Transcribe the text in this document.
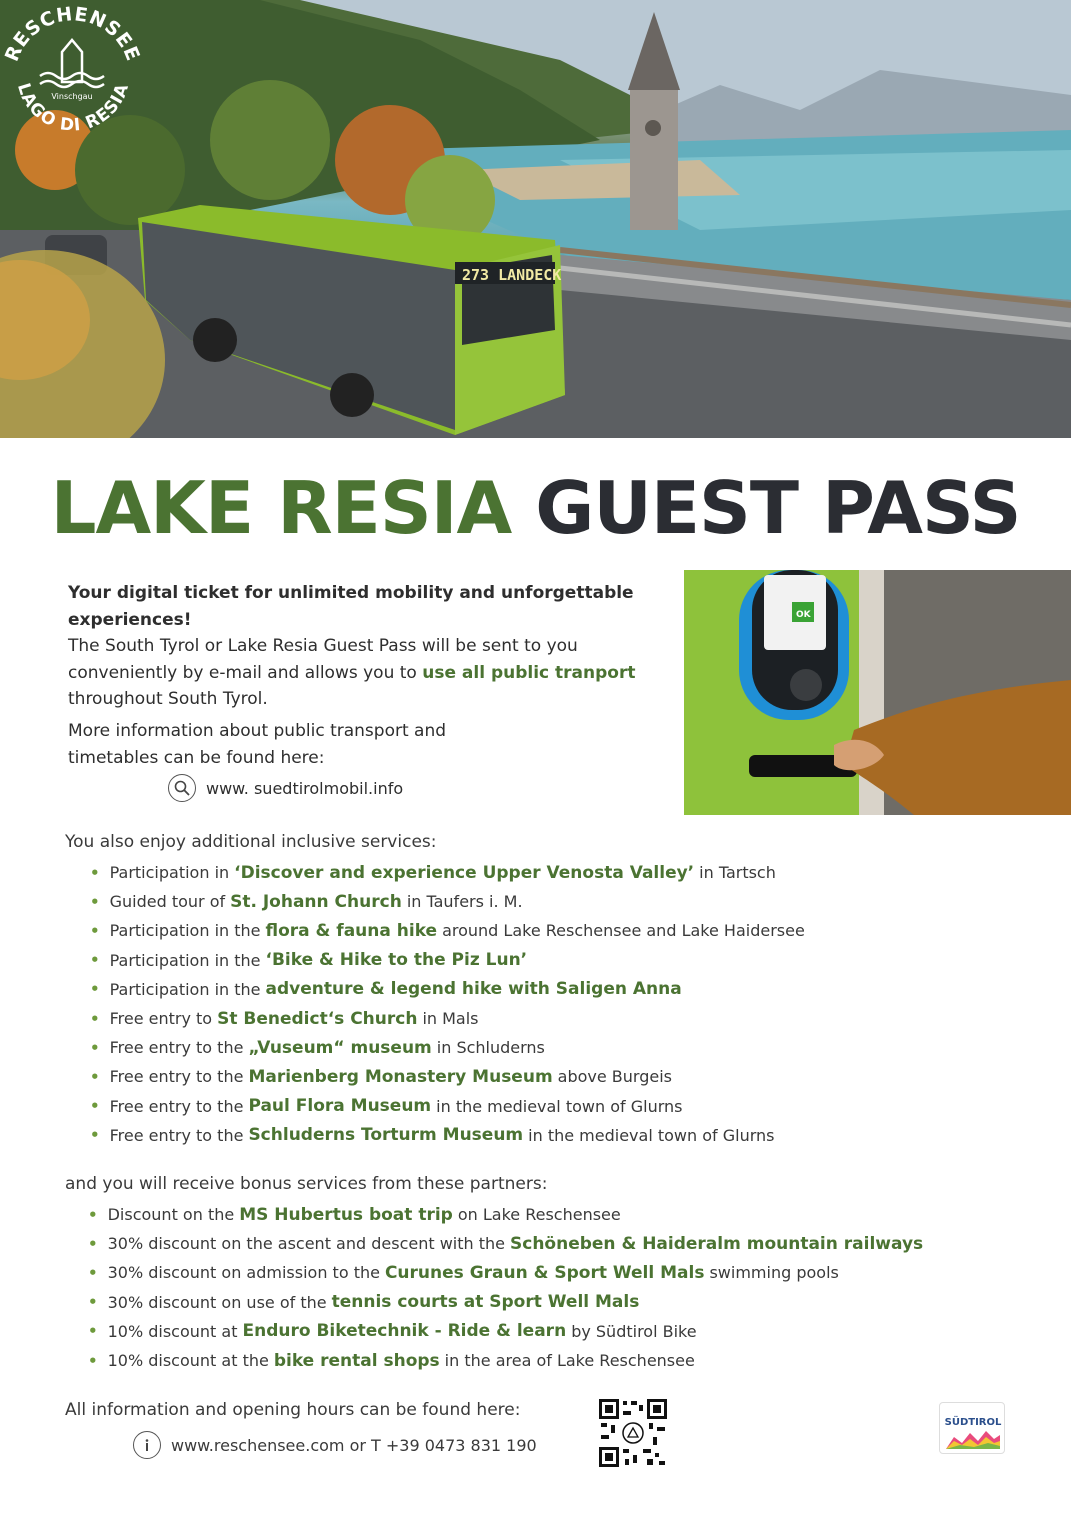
273 LANDECK
RESCHENSEE
LAGO DI RESIA
Vinschgau
LAKE RESIA GUEST PASS
Your digital ticket for unlimited mobility and unforgettable experiences!
The South Tyrol or Lake Resia Guest Pass will be sent to you conveniently by e-mail and allows you to use all public tranport throughout South Tyrol.
More information about public transport and timetables can be found here:
www. suedtirolmobil.info
OK
You also enjoy additional inclusive services:
• Participation in ‘Discover and experience Upper Venosta Valley’ in Tartsch
• Guided tour of St. Johann Church in Taufers i. M.
• Participation in the flora & fauna hike around Lake Reschensee and Lake Haidersee
• Participation in the ‘Bike & Hike to the Piz Lun’
• Participation in the adventure & legend hike with Saligen Anna
• Free entry to St Benedict‘s Church in Mals
• Free entry to the „Vuseum“ museum in Schluderns
• Free entry to the Marienberg Monastery Museum above Burgeis
• Free entry to the Paul Flora Museum in the medieval town of Glurns
• Free entry to the Schluderns Torturm Museum in the medieval town of Glurns
and you will receive bonus services from these partners:
• Discount on the MS Hubertus boat trip on Lake Reschensee
• 30% discount on the ascent and descent with the Schöneben & Haideralm mountain railways
• 30% discount on admission to the Curunes Graun & Sport Well Mals swimming pools
• 30% discount on use of the tennis courts at Sport Well Mals
• 10% discount at Enduro Biketechnik - Ride & learn by Südtirol Bike
• 10% discount at the bike rental shops in the area of Lake Reschensee
All information and opening hours can be found here:
www.reschensee.com or T +39 0473 831 190
SÜDTIROL
